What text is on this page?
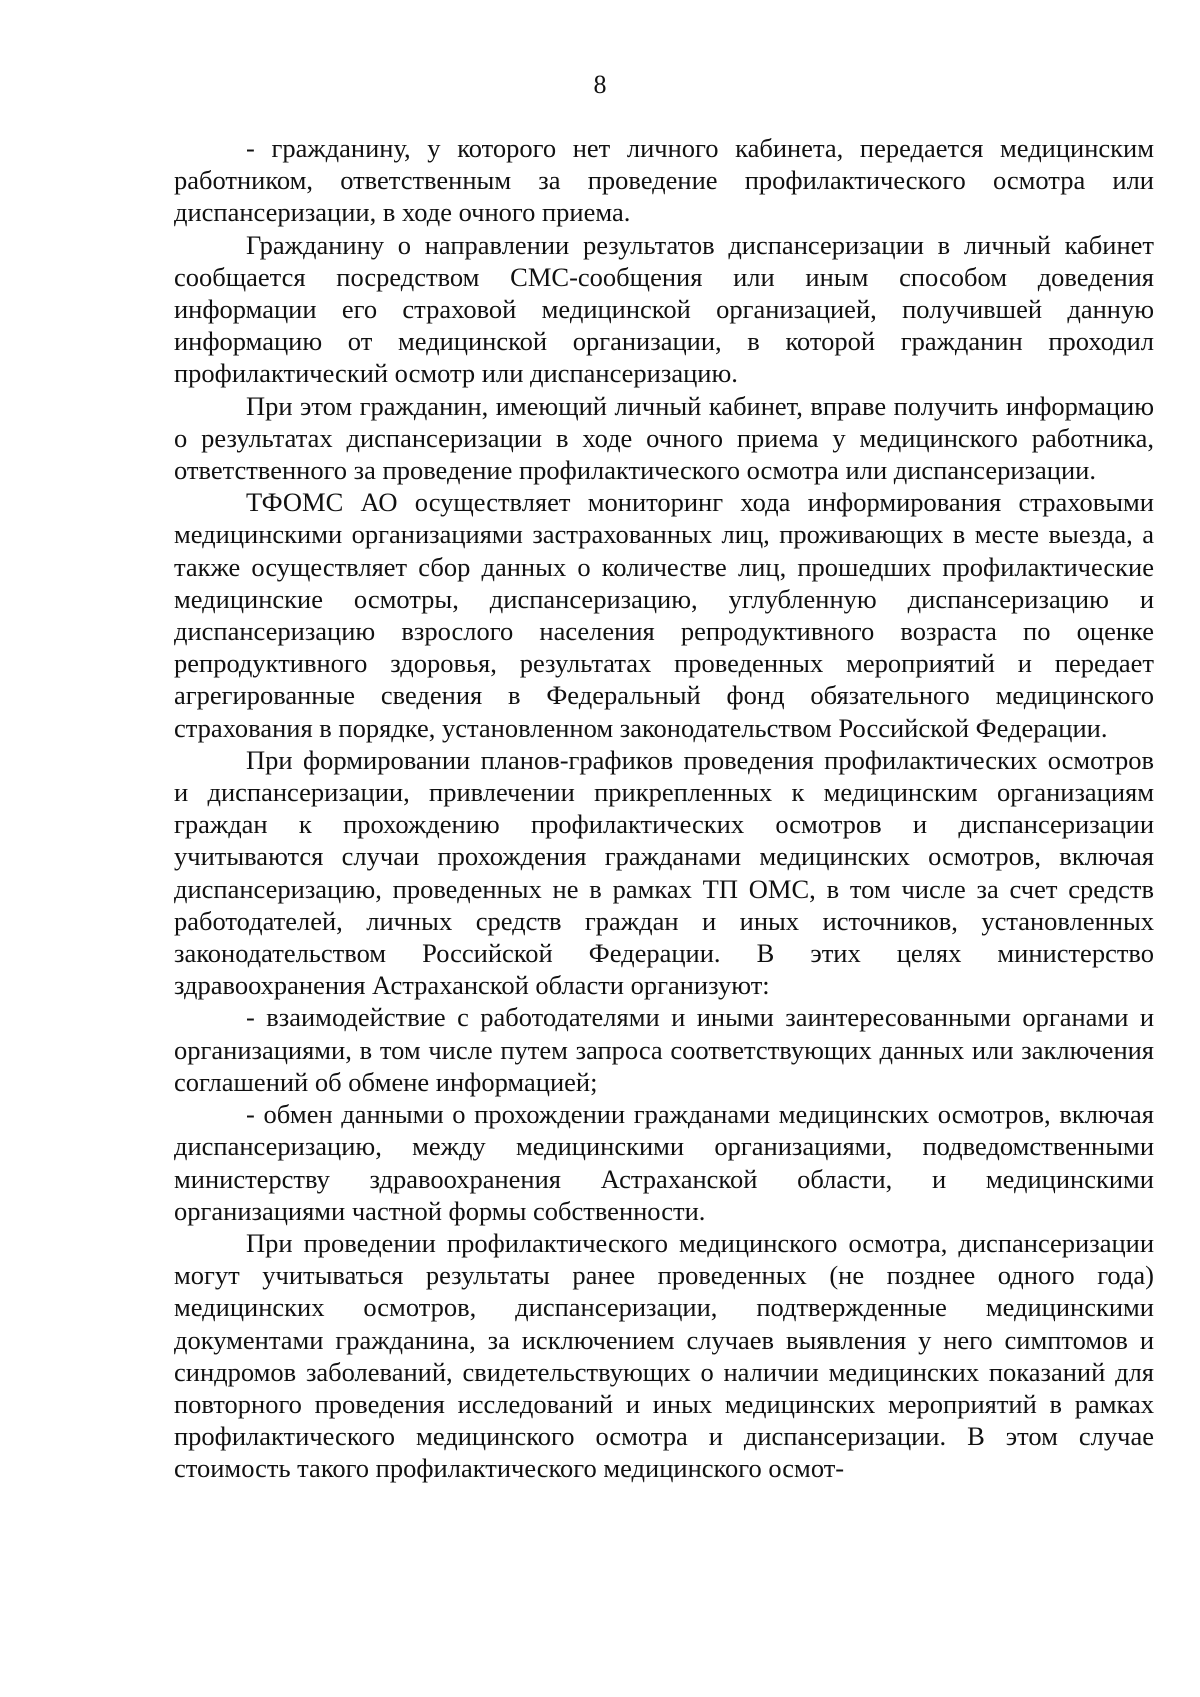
8

- гражданину, у которого нет личного кабинета, передается медицинским работником, ответственным за проведение профилактического осмотра или диспансеризации, в ходе очного приема.

Гражданину о направлении результатов диспансеризации в личный кабинет сообщается посредством СМС-сообщения или иным способом доведения информации его страховой медицинской организацией, получившей данную информацию от медицинской организации, в которой гражданин проходил профилактический осмотр или диспансеризацию.

При этом гражданин, имеющий личный кабинет, вправе получить информацию о результатах диспансеризации в ходе очного приема у медицинского работника, ответственного за проведение профилактического осмотра или диспансеризации.

ТФОМС АО осуществляет мониторинг хода информирования страховыми медицинскими организациями застрахованных лиц, проживающих в месте выезда, а также осуществляет сбор данных о количестве лиц, прошедших профилактические медицинские осмотры, диспансеризацию, углубленную диспансеризацию и диспансеризацию взрослого населения репродуктивного возраста по оценке репродуктивного здоровья, результатах проведенных мероприятий и передает агрегированные сведения в Федеральный фонд обязательного медицинского страхования в порядке, установленном законодательством Российской Федерации.

При формировании планов-графиков проведения профилактических осмотров и диспансеризации, привлечении прикрепленных к медицинским организациям граждан к прохождению профилактических осмотров и диспансеризации учитываются случаи прохождения гражданами медицинских осмотров, включая диспансеризацию, проведенных не в рамках ТП ОМС, в том числе за счет средств работодателей, личных средств граждан и иных источников, установленных законодательством Российской Федерации. В этих целях министерство здравоохранения Астраханской области организуют:

- взаимодействие с работодателями и иными заинтересованными органами и организациями, в том числе путем запроса соответствующих данных или заключения соглашений об обмене информацией;

- обмен данными о прохождении гражданами медицинских осмотров, включая диспансеризацию, между медицинскими организациями, подведомственными министерству здравоохранения Астраханской области, и медицинскими организациями частной формы собственности.

При проведении профилактического медицинского осмотра, диспансеризации могут учитываться результаты ранее проведенных (не позднее одного года) медицинских осмотров, диспансеризации, подтвержденные медицинскими документами гражданина, за исключением случаев выявления у него симптомов и синдромов заболеваний, свидетельствующих о наличии медицинских показаний для повторного проведения исследований и иных медицинских мероприятий в рамках профилактического медицинского осмотра и диспансеризации. В этом случае стоимость такого профилактического медицинского осмот-
